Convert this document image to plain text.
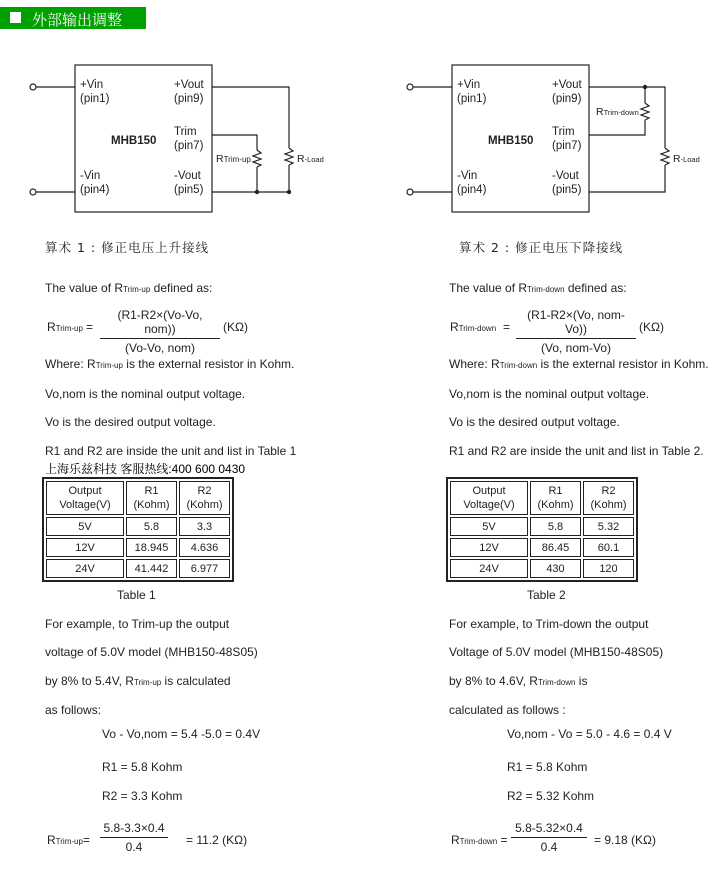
外部输出调整
+Vin
(pin1)
-Vin
(pin4)
+Vout
(pin9)
Trim
(pin7)
-Vout
(pin5)
MHB150
RTrim-up	R-Load
+Vin
(pin1)
-Vin
(pin4)
+Vout
(pin9)
Trim
(pin7)
-Vout
(pin5)
MHB150
RTrim-down
R-Load
算术 1 : 修正电压上升接线
The value of RTrim-up defined as:
RTrim-up =
(R1-R2×(Vo-Vo, nom))
(Vo-Vo, nom)
(KΩ)
Where: RTrim-up is the external resistor in Kohm.
Vo,nom is the nominal output voltage.
Vo is the desired output voltage.
R1 and R2 are inside the unit and list in Table 1
上海乐兹科技 客服热线:400 600 0430
Output Voltage(V)	R1 (Kohm)	R2 (Kohm)
5V	5.8	3.3
12V	18.945	4.636
24V	41.442	6.977
Table 1
For example, to Trim-up the output
voltage of 5.0V model (MHB150-48S05)
by 8% to 5.4V, RTrim-up is calculated
as follows:
Vo - Vo,nom = 5.4 -5.0 = 0.4V
R1 = 5.8 Kohm
R2 = 3.3 Kohm
RTrim-up= $\frac{5.8-3.3\times 0.4}{0.4} = 11.2$ (KΩ)
算术 2 : 修正电压下降接线
The value of RTrim-down defined as:
RTrim-down =
(R1-R2×(Vo, nom-Vo))
(Vo, nom-Vo)
(KΩ)
Where: RTrim-down is the external resistor in Kohm.
Vo,nom is the nominal output voltage.
Vo is the desired output voltage.
R1 and R2 are inside the unit and list in Table 2.
Output Voltage(V)	R1 (Kohm)	R2 (Kohm)
5V	5.8	5.32
12V	86.45	60.1
24V	430	120
Table 2
For example, to Trim-down the output
Voltage of 5.0V model (MHB150-48S05)
by 8% to 4.6V, RTrim-down is
calculated as follows :
Vo,nom - Vo = 5.0 - 4.6 = 0.4 V
R1 = 5.8 Kohm
R2 = 5.32 Kohm
RTrim-down = $\frac{5.8-5.32\times 0.4}{0.4} = 9.18$ (KΩ)
